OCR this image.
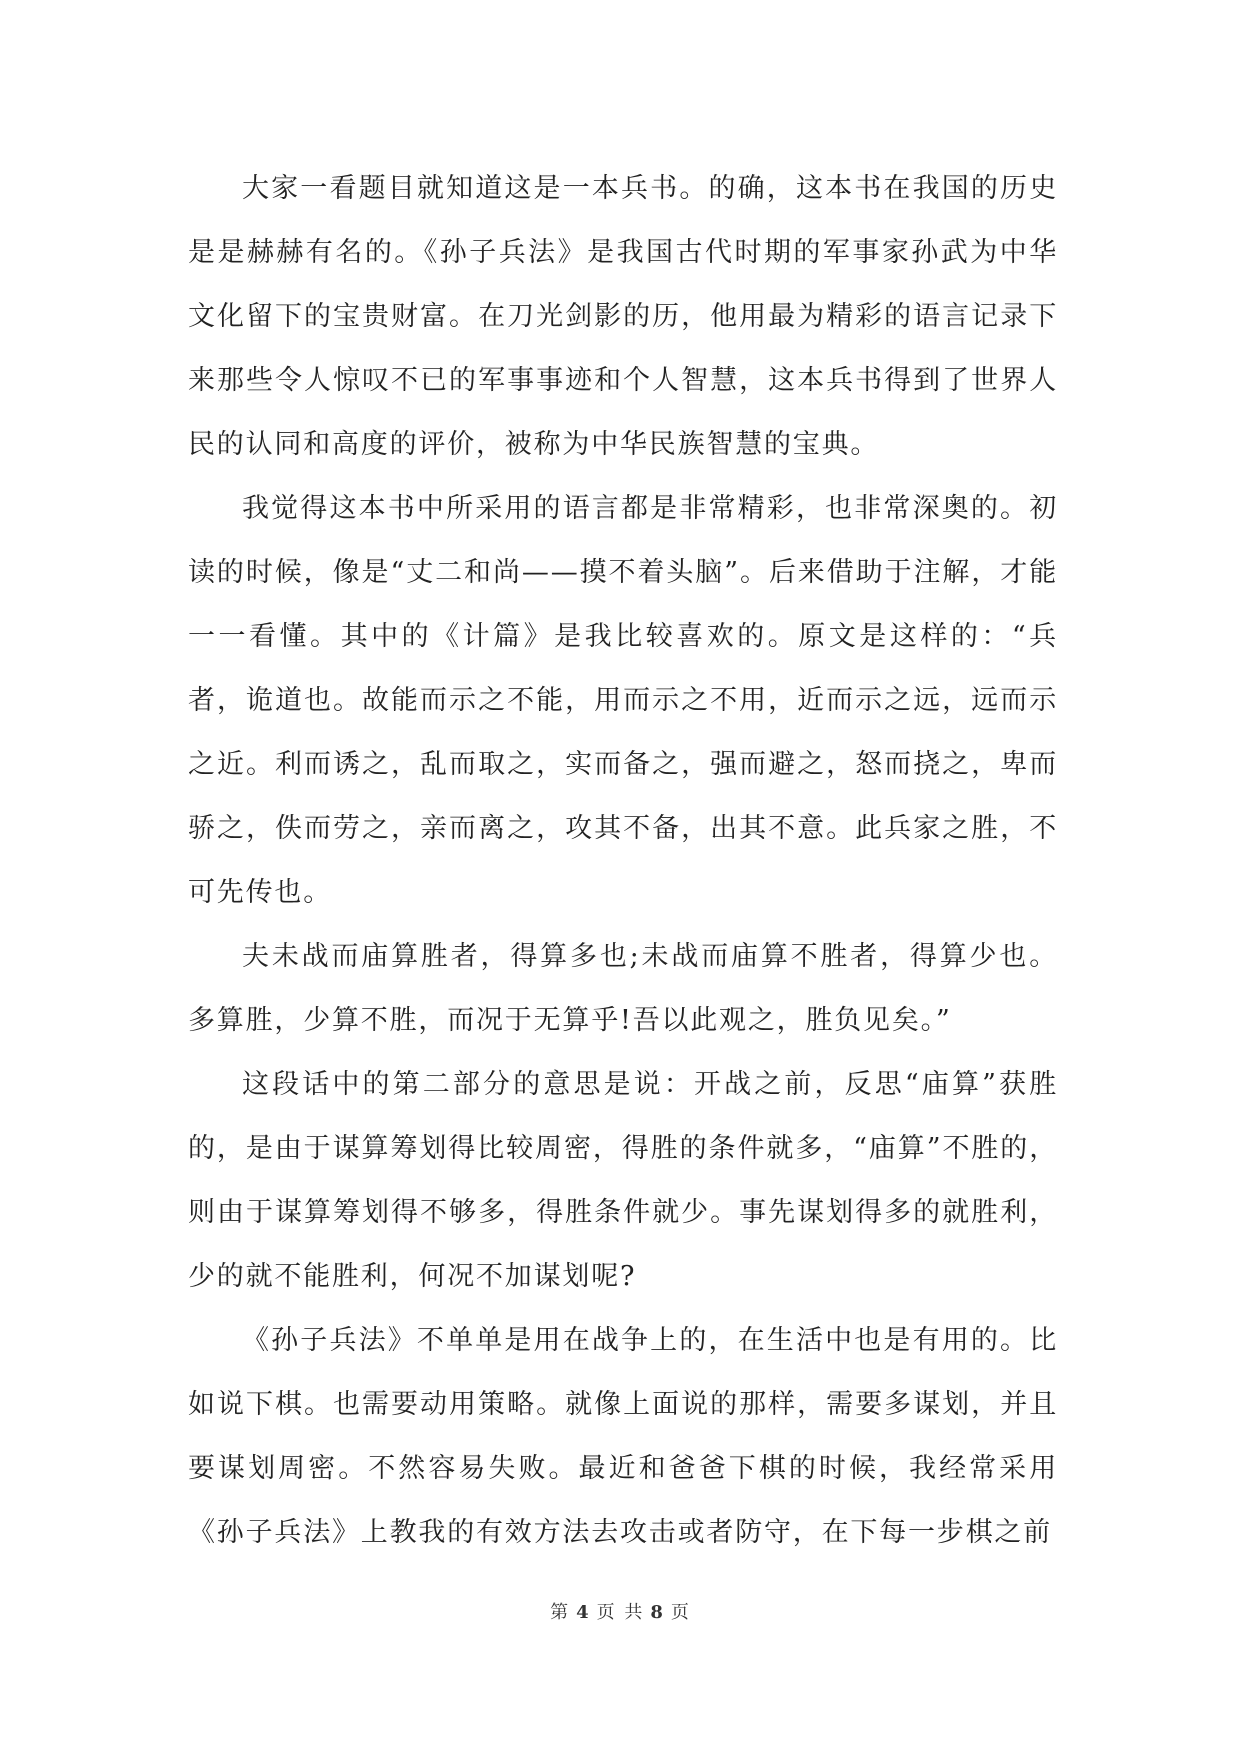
大家一看题目就知道这是一本兵书。的确，这本书在我国的历史是是赫赫有名的。《孙子兵法》是我国古代时期的军事家孙武为中华文化留下的宝贵财富。在刀光剑影的历，他用最为精彩的语言记录下来那些令人惊叹不已的军事事迹和个人智慧，这本兵书得到了世界人民的认同和高度的评价，被称为中华民族智慧的宝典。

我觉得这本书中所采用的语言都是非常精彩，也非常深奥的。初读的时候，像是“丈二和尚——摸不着头脑”。后来借助于注解，才能一一看懂。其中的《计篇》是我比较喜欢的。原文是这样的：“兵者，诡道也。故能而示之不能，用而示之不用，近而示之远，远而示之近。利而诱之，乱而取之，实而备之，强而避之，怒而挠之，卑而骄之，佚而劳之，亲而离之，攻其不备，出其不意。此兵家之胜，不可先传也。

夫未战而庙算胜者，得算多也;未战而庙算不胜者，得算少也。多算胜，少算不胜，而况于无算乎!吾以此观之，胜负见矣。”

这段话中的第二部分的意思是说：开战之前，反思“庙算”获胜的，是由于谋算筹划得比较周密，得胜的条件就多，“庙算”不胜的，则由于谋算筹划得不够多，得胜条件就少。事先谋划得多的就胜利，少的就不能胜利，何况不加谋划呢?

《孙子兵法》不单单是用在战争上的，在生活中也是有用的。比如说下棋。也需要动用策略。就像上面说的那样，需要多谋划，并且要谋划周密。不然容易失败。最近和爸爸下棋的时候，我经常采用《孙子兵法》上教我的有效方法去攻击或者防守，在下每一步棋之前

第 4 页 共 8 页
